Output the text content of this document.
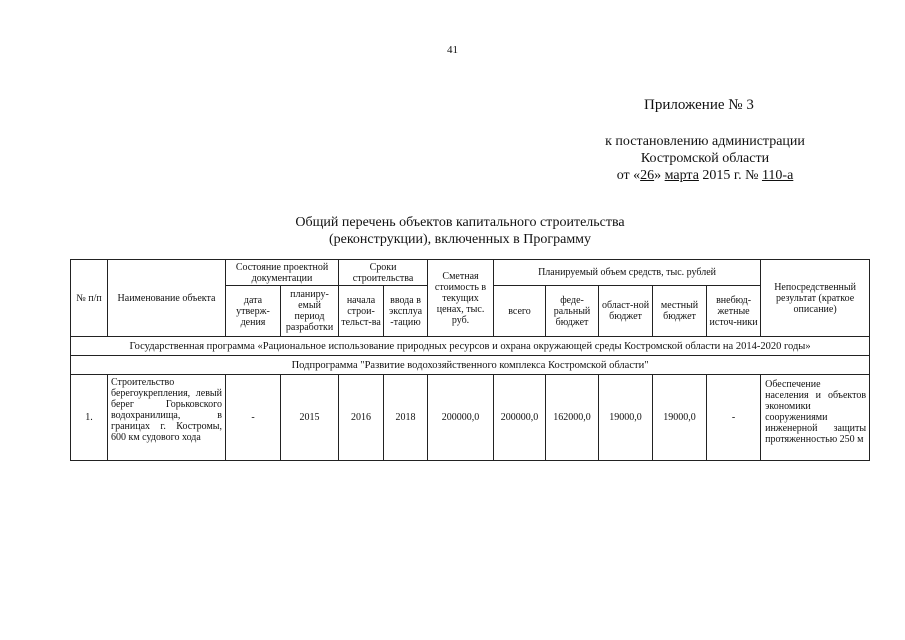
41
Приложение № 3
к постановлению администрации
Костромской области
от «26» марта 2015 г. № 110-а
Общий перечень объектов капитального строительства
(реконструкции), включенных в Программу
№ п/п	Наименование объекта	Состояние проектной документации		Сроки строительства		Сметная стоимость в текущих ценах, тыс. руб.	Планируемый объем средств, тыс. рублей					Непосредственный результат (краткое описание)
		дата утверж-дения	планиру-емый период разработки	начала строи-тельст-ва	ввода в эксплуа -тацию		всего	феде-ральный бюджет	област-ной бюджет	местный бюджет	внебюд-жетные источ-ники	
Государственная программа «Рациональное использование природных ресурсов и охрана окружающей среды Костромской области на 2014-2020 годы»												
Подпрограмма "Развитие водохозяйственного комплекса Костромской области"												
1.	Строительство берегоукрепления, левый берег Горьковского водохранилища, в границах г. Костромы, 600 км судового хода	-	2015	2016	2018	200000,0	200000,0	162000,0	19000,0	19000,0	-	Обеспечение населения и объектов экономики сооружениями инженерной защиты протяженностью 250 м
